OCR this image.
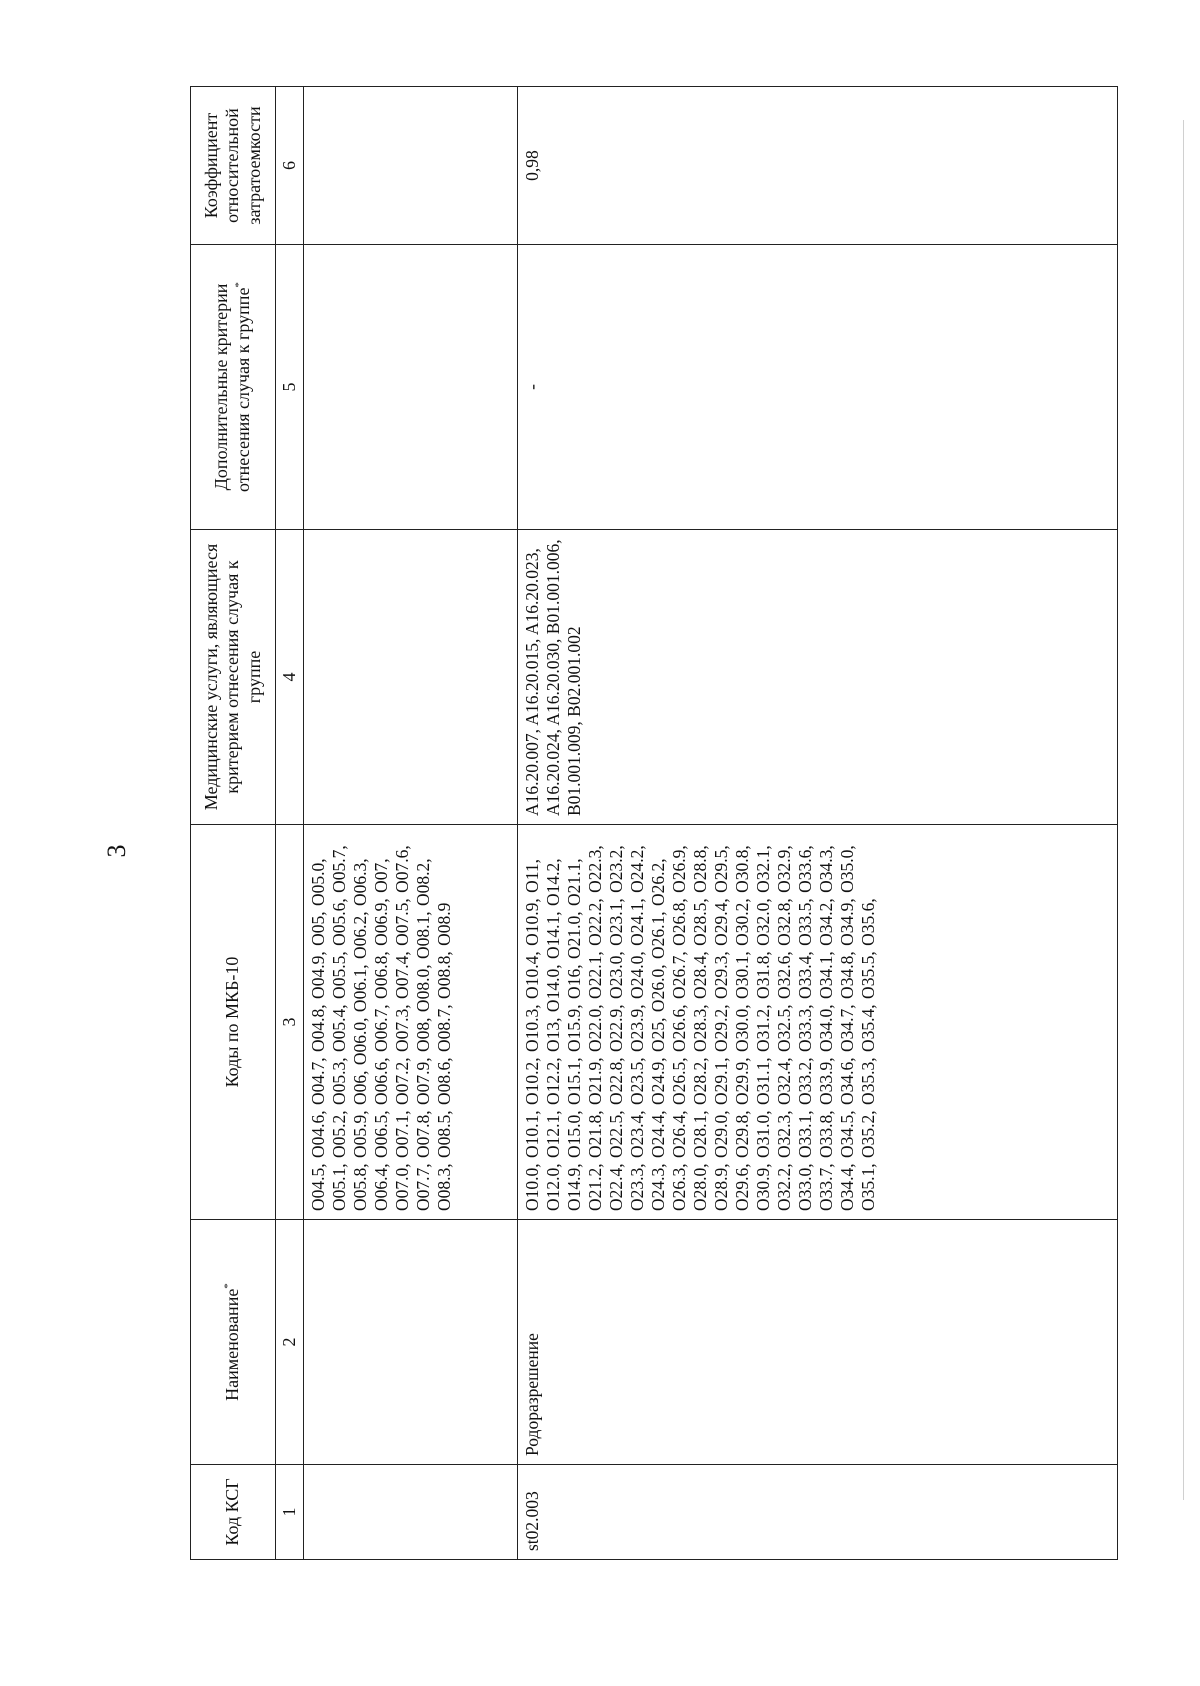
3
Код КСГ	Наименование*	Коды по МКБ-10	Медицинские услуги, являющиеся критерием отнесения случая к группе	Дополнительные критерии отнесения случая к группе*	Коэффициент относительной затратоемкости
1	2	3	4	5	6
		O04.5, O04.6, O04.7, O04.8, O04.9, O05, O05.0, O05.1, O05.2, O05.3, O05.4, O05.5, O05.6, O05.7, O05.8, O05.9, O06, O06.0, O06.1, O06.2, O06.3, O06.4, O06.5, O06.6, O06.7, O06.8, O06.9, O07, O07.0, O07.1, O07.2, O07.3, O07.4, O07.5, O07.6, O07.7, O07.8, O07.9, O08, O08.0, O08.1, O08.2, O08.3, O08.5, O08.6, O08.7, O08.8, O08.9			
st02.003	Родоразрешение	O10.0, O10.1, O10.2, O10.3, O10.4, O10.9, O11, O12.0, O12.1, O12.2, O13, O14.0, O14.1, O14.2, O14.9, O15.0, O15.1, O15.9, O16, O21.0, O21.1, O21.2, O21.8, O21.9, O22.0, O22.1, O22.2, O22.3, O22.4, O22.5, O22.8, O22.9, O23.0, O23.1, O23.2, O23.3, O23.4, O23.5, O23.9, O24.0, O24.1, O24.2, O24.3, O24.4, O24.9, O25, O26.0, O26.1, O26.2, O26.3, O26.4, O26.5, O26.6, O26.7, O26.8, O26.9, O28.0, O28.1, O28.2, O28.3, O28.4, O28.5, O28.8, O28.9, O29.0, O29.1, O29.2, O29.3, O29.4, O29.5, O29.6, O29.8, O29.9, O30.0, O30.1, O30.2, O30.8, O30.9, O31.0, O31.1, O31.2, O31.8, O32.0, O32.1, O32.2, O32.3, O32.4, O32.5, O32.6, O32.8, O32.9, O33.0, O33.1, O33.2, O33.3, O33.4, O33.5, O33.6, O33.7, O33.8, O33.9, O34.0, O34.1, O34.2, O34.3, O34.4, O34.5, O34.6, O34.7, O34.8, O34.9, O35.0, O35.1, O35.2, O35.3, O35.4, O35.5, O35.6,	A16.20.007, A16.20.015, A16.20.023, A16.20.024, A16.20.030, B01.001.006, B01.001.009, B02.001.002	-	0,98
